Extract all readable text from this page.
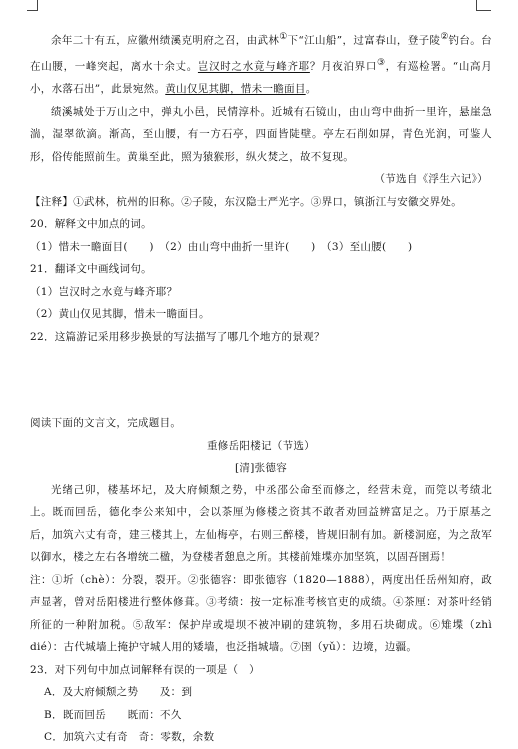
余年二十有五，应徽州绩溪克明府之召，由武林①下“江山船”，过富春山，登子陵②钓台。台在山腰，一峰突起，离水十余丈。岂汉时之水竟与峰齐耶？月夜泊界口③，有巡检署。“山高月小，水落石出”，此景宛然。黄山仅见其脚，惜未一瞻面目。

绩溪城处于万山之中，弹丸小邑，民情淳朴。近城有石镜山，由山弯中曲折一里许，悬崖急湍，湿翠欲滴。渐高，至山腰，有一方石亭，四面皆陡壁。亭左石削如屏，青色光润，可鉴人形，俗传能照前生。黄巢至此，照为猿猴形，纵火焚之，故不复现。

（节选自《浮生六记》）

【注释】①武林，杭州的旧称。②子陵，东汉隐士严光字。③界口，镇浙江与安徽交界处。

20．解释文中加点的词。

（1）惜未一瞻面目(　　)　（2）由山弯中曲折一里许(　　)　（3）至山腰(　　)

21．翻译文中画线词句。

（1）岂汉时之水竟与峰齐耶？

（2）黄山仅见其脚，惜未一瞻面目。

22．这篇游记采用移步换景的写法描写了哪几个地方的景观？

阅读下面的文言文，完成题目。

重修岳阳楼记（节选）

[清]张德容

光绪己卯，楼基坏圮，及大府倾颓之势，中丞邵公命至而修之，经营未竟，而筦以考绩北上。既而回岳，德化李公来知中，会以茶厘为修楼之资其不敢者劝回益辨富足之。乃于原基之后，加筑六丈有奇，建三楼其上，左仙梅亭，右则三醉楼，皆规旧制有加。新楼洞庭，为之敌军以御水，楼之左右各增统二楹，为登楼者憩息之所。其楼前雉堞亦加坚筑，以固吾圉焉！

注：①圻（chè）：分裂，裂开。②张德容：即张德容（1820—1888），两度出任岳州知府，政声显著，曾对岳阳楼进行整体修葺。③考绩：按一定标准考核官吏的成绩。④茶厘：对茶叶经销所征的一种附加税。⑤敌军：保护岸或堤坝不被冲刷的建筑物，多用石块砌成。⑥雉堞（zhì dié）：古代城墙上掩护守城人用的矮墙，也泛指城墙。⑦圉（yǔ）：边境，边疆。

23．对下列句中加点词解释有误的一项是（　）

A．及大府倾颓之势　　及：到

B．既而回岳　　既而：不久

C．加筑六丈有奇　奇：零数，余数
